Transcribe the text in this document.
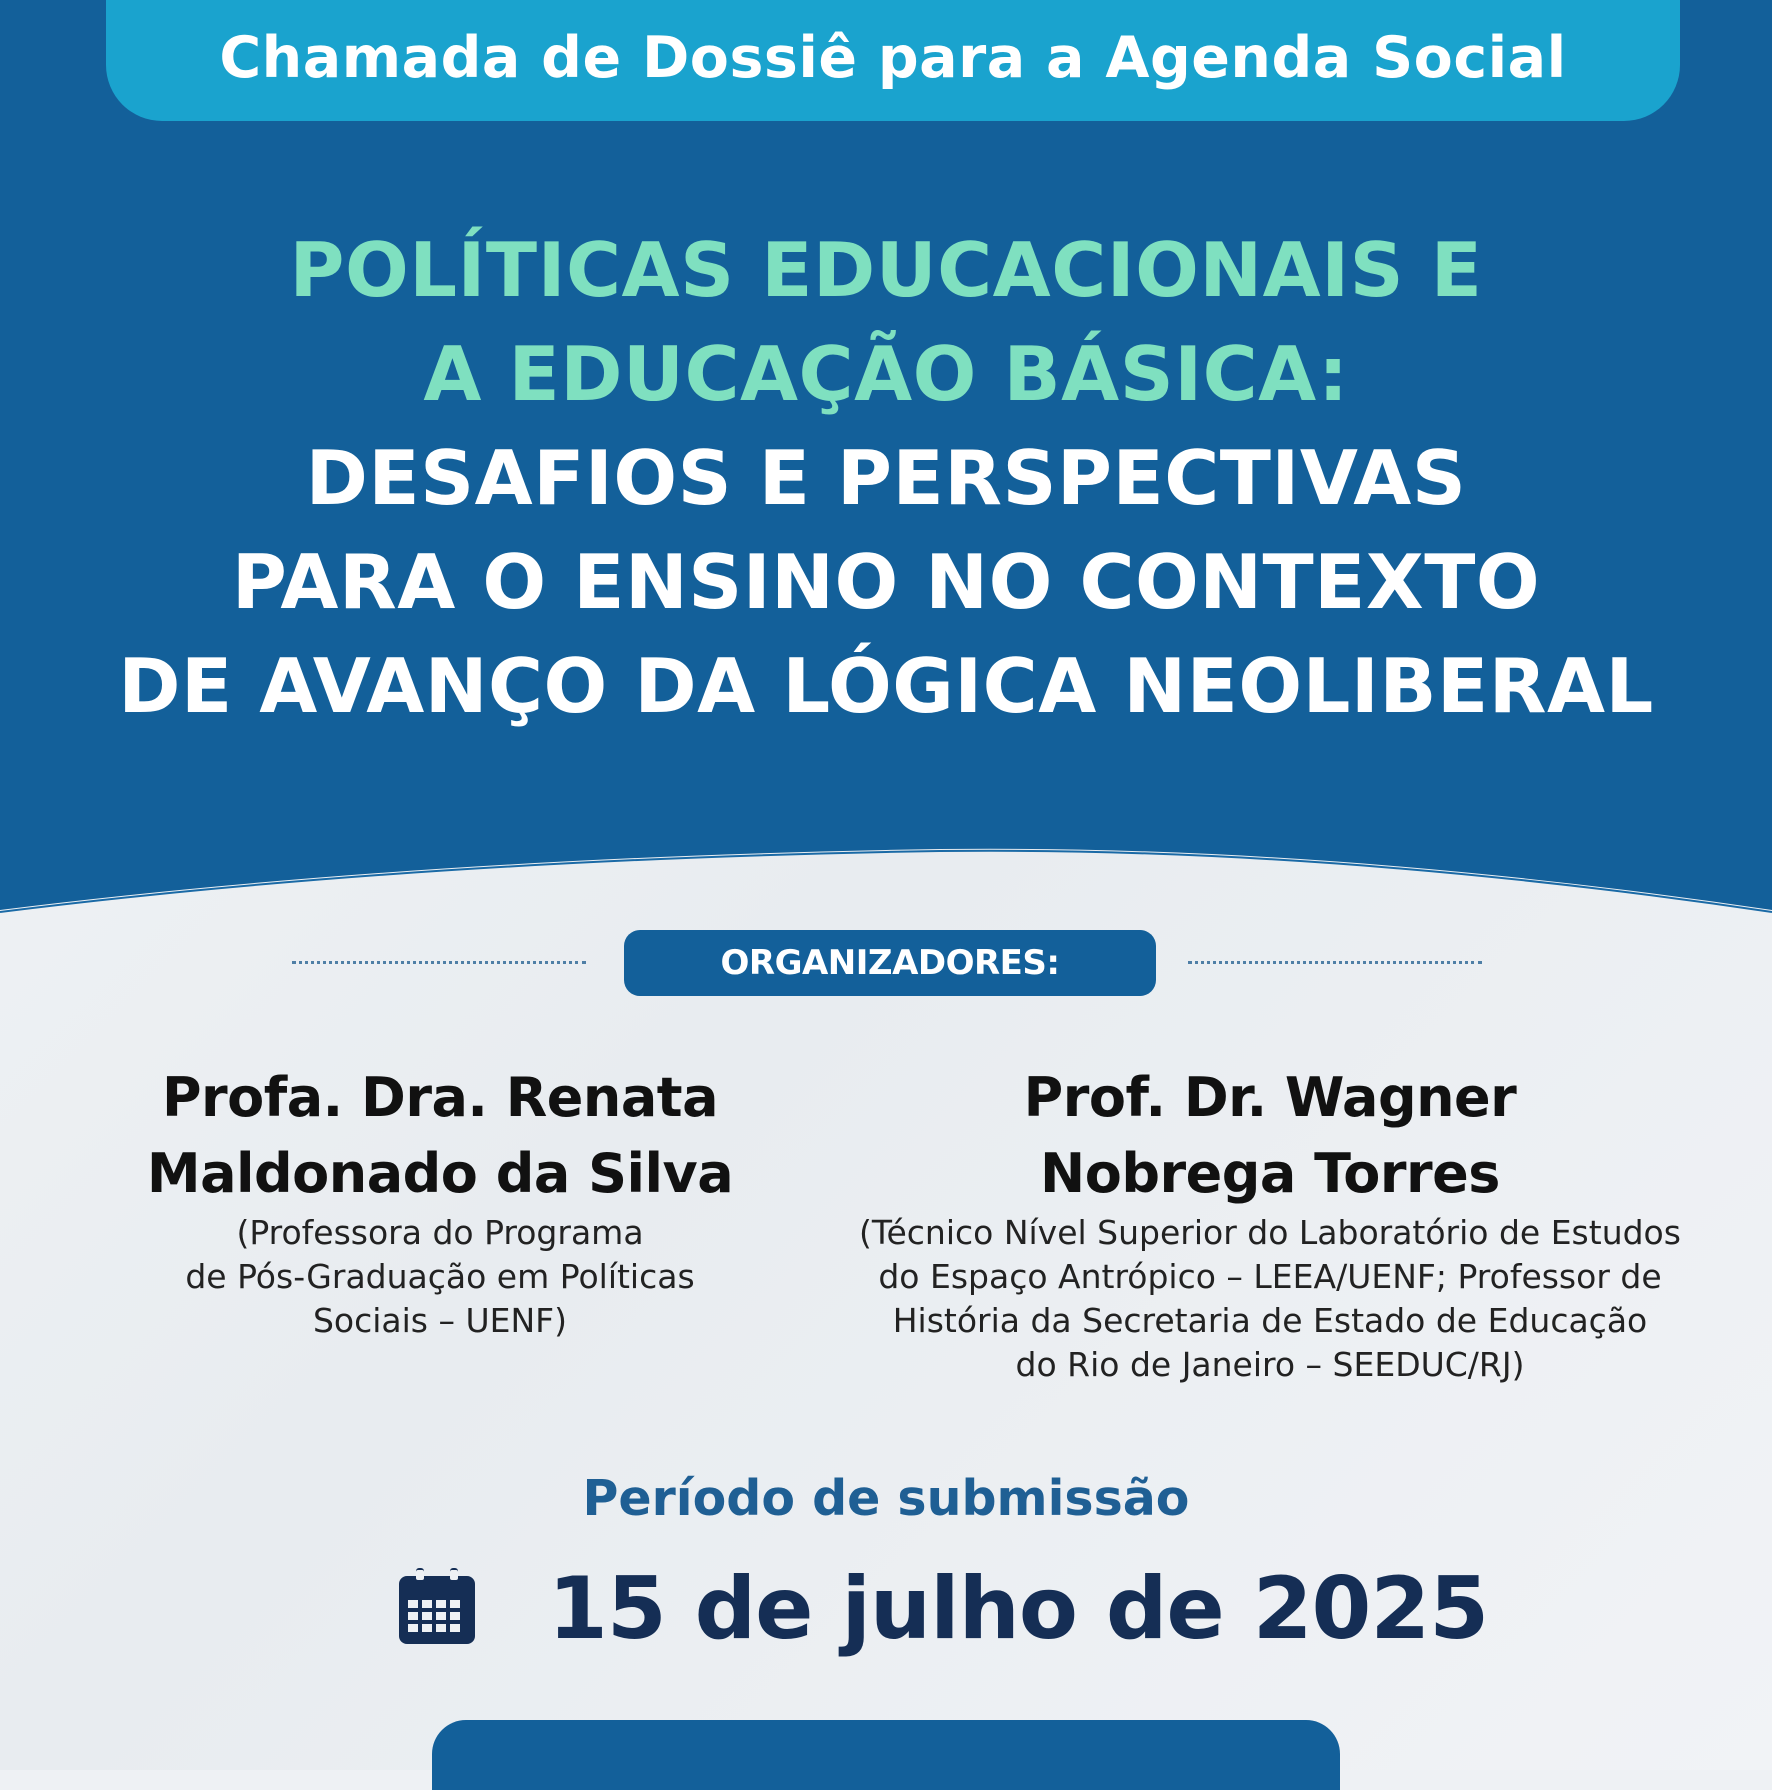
Chamada de Dossiê para a Agenda Social
POLÍTICAS EDUCACIONAIS E
A EDUCAÇÃO BÁSICA:
DESAFIOS E PERSPECTIVAS
PARA O ENSINO NO CONTEXTO
DE AVANÇO DA LÓGICA NEOLIBERAL
ORGANIZADORES:
Profa. Dra. Renata
Maldonado da Silva
(Professora do Programa
de Pós-Graduação em Políticas
Sociais – UENF)
Prof. Dr. Wagner
Nobrega Torres
(Técnico Nível Superior do Laboratório de Estudos
do Espaço Antrópico – LEEA/UENF; Professor de
História da Secretaria de Estado de Educação
do Rio de Janeiro – SEEDUC/RJ)
Período de submissão
15 de julho de 2025
